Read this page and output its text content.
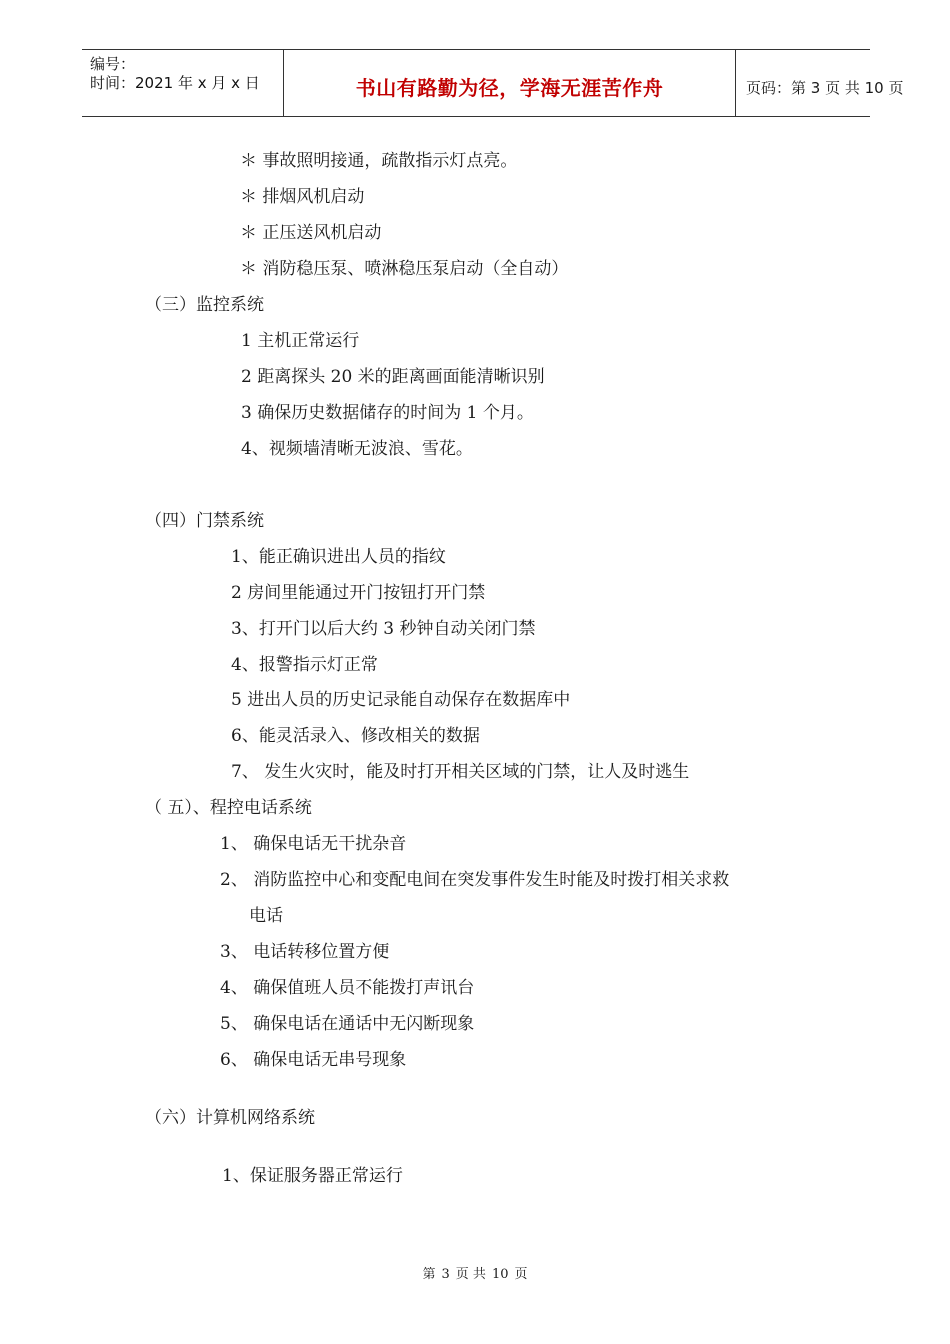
编号：
时间：2021 年 x 月 x 日	书山有路勤为径，学海无涯苦作舟	页码：第 3 页 共 10 页
＊ 事故照明接通，疏散指示灯点亮。
＊ 排烟风机启动
＊ 正压送风机启动
＊ 消防稳压泵、喷淋稳压泵启动（全自动）
（三）监控系统
1 主机正常运行
2 距离探头 20 米的距离画面能清晰识别
3 确保历史数据储存的时间为 1 个月。
4、视频墙清晰无波浪、雪花。
（四）门禁系统
1、能正确识进出人员的指纹
2 房间里能通过开门按钮打开门禁
3、打开门以后大约 3 秒钟自动关闭门禁
4、报警指示灯正常
5 进出人员的历史记录能自动保存在数据库中
6、能灵活录入、修改相关的数据
7、 发生火灾时，能及时打开相关区域的门禁，让人及时逃生
（ 五）、程控电话系统
1、 确保电话无干扰杂音
2、 消防监控中心和变配电间在突发事件发生时能及时拨打相关求救
电话
3、 电话转移位置方便
4、 确保值班人员不能拨打声讯台
5、 确保电话在通话中无闪断现象
6、 确保电话无串号现象
（六）计算机网络系统
1、保证服务器正常运行
第 3 页 共 10 页
